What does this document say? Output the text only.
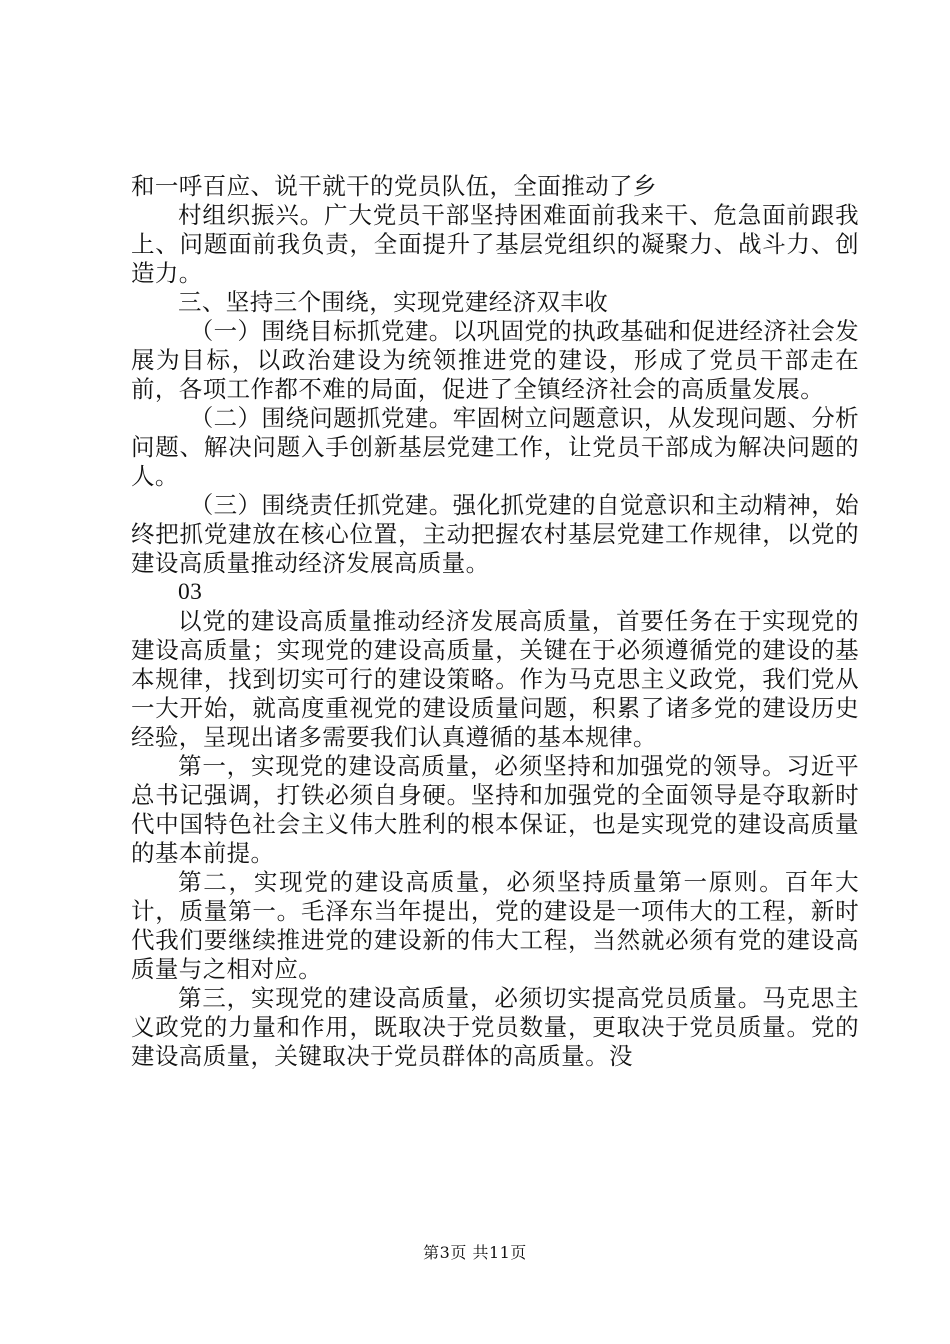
和一呼百应、说干就干的党员队伍，全面推动了乡

村组织振兴。广大党员干部坚持困难面前我来干、危急面前跟我上、问题面前我负责，全面提升了基层党组织的凝聚力、战斗力、创造力。

三、坚持三个围绕，实现党建经济双丰收

（一）围绕目标抓党建。以巩固党的执政基础和促进经济社会发展为目标，以政治建设为统领推进党的建设，形成了党员干部走在前，各项工作都不难的局面，促进了全镇经济社会的高质量发展。

（二）围绕问题抓党建。牢固树立问题意识，从发现问题、分析问题、解决问题入手创新基层党建工作，让党员干部成为解决问题的人。

（三）围绕责任抓党建。强化抓党建的自觉意识和主动精神，始终把抓党建放在核心位置，主动把握农村基层党建工作规律，以党的建设高质量推动经济发展高质量。

03

以党的建设高质量推动经济发展高质量，首要任务在于实现党的建设高质量；实现党的建设高质量，关键在于必须遵循党的建设的基本规律，找到切实可行的建设策略。作为马克思主义政党，我们党从一大开始，就高度重视党的建设质量问题，积累了诸多党的建设历史经验，呈现出诸多需要我们认真遵循的基本规律。

第一，实现党的建设高质量，必须坚持和加强党的领导。习近平总书记强调，打铁必须自身硬。坚持和加强党的全面领导是夺取新时代中国特色社会主义伟大胜利的根本保证，也是实现党的建设高质量的基本前提。

第二，实现党的建设高质量，必须坚持质量第一原则。百年大计，质量第一。毛泽东当年提出，党的建设是一项伟大的工程，新时代我们要继续推进党的建设新的伟大工程，当然就必须有党的建设高质量与之相对应。

第三，实现党的建设高质量，必须切实提高党员质量。马克思主义政党的力量和作用，既取决于党员数量，更取决于党员质量。党的建设高质量，关键取决于党员群体的高质量。没

第3页 共11页
